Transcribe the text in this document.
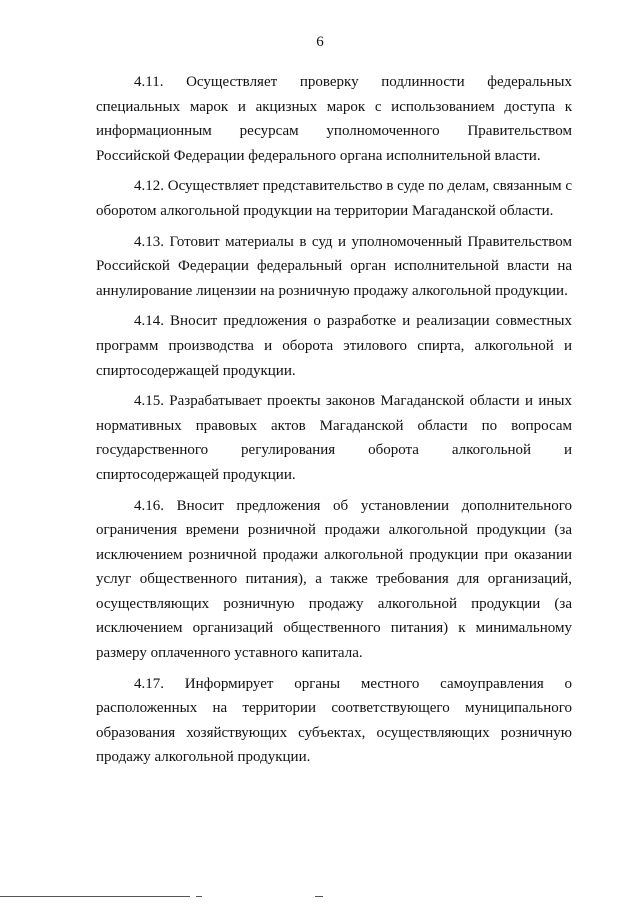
6

4.11. Осуществляет проверку подлинности федеральных специальных марок и акцизных марок с использованием доступа к информационным ресурсам уполномоченного Правительством Российской Федерации федерального органа исполнительной власти.

4.12. Осуществляет представительство в суде по делам, связанным с оборотом алкогольной продукции на территории Магаданской области.

4.13. Готовит материалы в суд и уполномоченный Правительством Российской Федерации федеральный орган исполнительной власти на аннулирование лицензии на розничную продажу алкогольной продукции.

4.14. Вносит предложения о разработке и реализации совместных программ производства и оборота этилового спирта, алкогольной и спиртосодержащей продукции.

4.15. Разрабатывает проекты законов Магаданской области и иных нормативных правовых актов Магаданской области по вопросам государственного регулирования оборота алкогольной и спиртосодержащей продукции.

4.16. Вносит предложения об установлении дополнительного ограничения времени розничной продажи алкогольной продукции (за исключением розничной продажи алкогольной продукции при оказании услуг общественного питания), а также требования для организаций, осуществляющих розничную продажу алкогольной продукции (за исключением организаций общественного питания) к минимальному размеру оплаченного уставного капитала.

4.17. Информирует органы местного самоуправления о расположенных на территории соответствующего муниципального образования хозяйствующих субъектах, осуществляющих розничную продажу алкогольной продукции.
